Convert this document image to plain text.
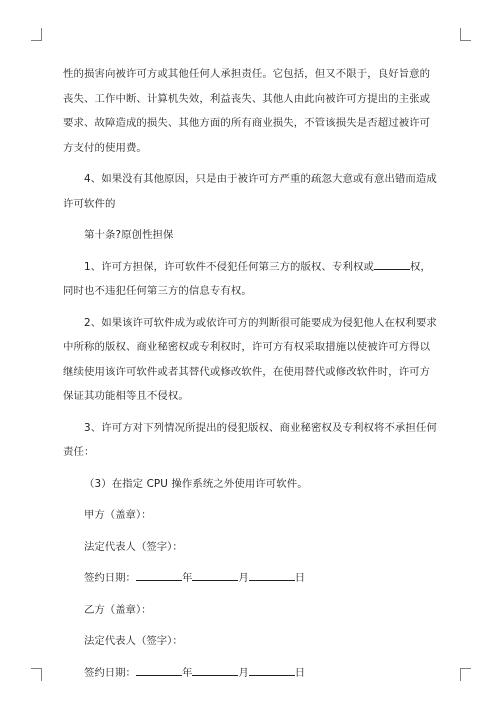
性的损害向被许可方或其他任何人承担责任。它包括，但又不限于，良好旨意的丧失、工作中断、计算机失效，利益丧失、其他人由此向被许可方提出的主张或要求、故障造成的损失、其他方面的所有商业损失，不管该损失是否超过被许可方支付的使用费。

4、如果没有其他原因，只是由于被许可方严重的疏忽大意或有意出错而造成许可软件的

第十条?原创性担保

1、许可方担保，许可软件不侵犯任何第三方的版权、专利权或	权，同时也不违犯任何第三方的信息专有权。

2、如果该许可软件成为或依许可方的判断很可能要成为侵犯他人在权利要求中所称的版权、商业秘密权或专利权时，许可方有权采取措施以使被许可方得以继续使用该许可软件或者其替代或修改软件，在使用替代或修改软件时，许可方保证其功能相等且不侵权。

3、许可方对下列情况所提出的侵犯版权、商业秘密权及专利权将不承担任何责任：

（3）在指定 CPU 操作系统之外使用许可软件。

甲方（盖章）：

法定代表人（签字）：

签约日期：	年	月	日

乙方（盖章）：

法定代表人（签字）：

签约日期：	年	月	日
